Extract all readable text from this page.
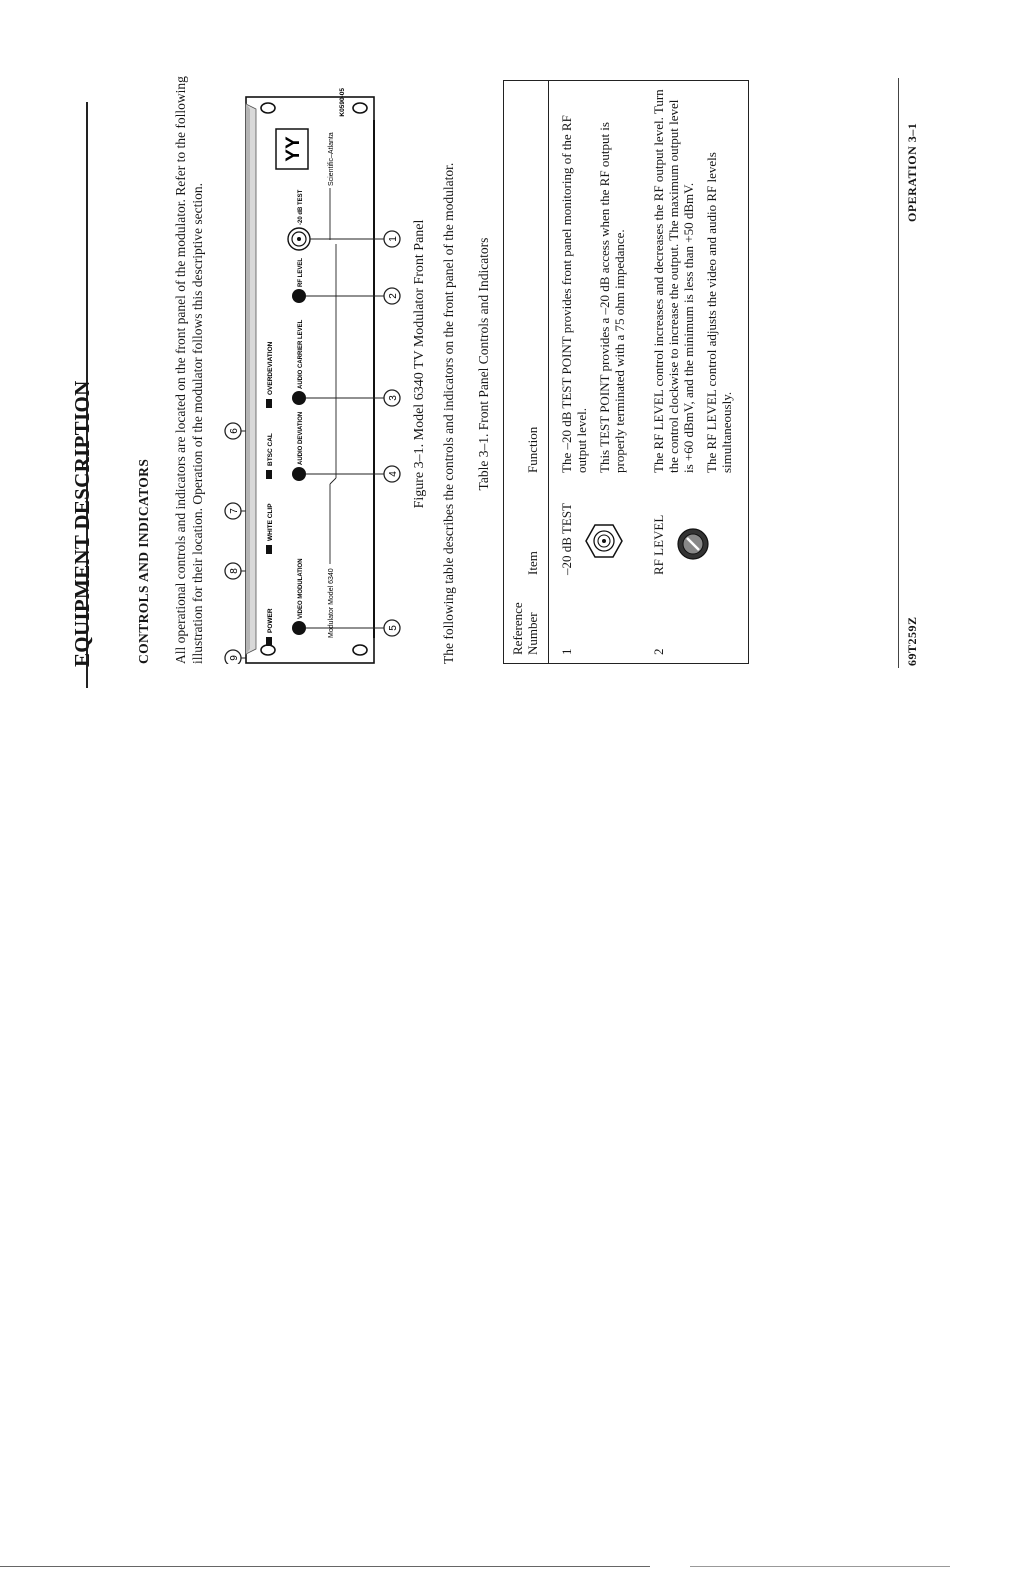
EQUIPMENT DESCRIPTION	CONTROLS AND INDICATORS All operational controls and indicators are located on the front panel of the modulator. Refer to the following illustration for their location. Operation of the modulator follows this descriptive section. 9
8
7
6
POWER
WHITE CLIP
BTSC CAL
OVERDEVIATION
VIDEO MODULATION
AUDIO DEVIATION
AUDIO CARRIER LEVEL
RF LEVEL
-20 dB TEST
YY
Modulator Model 6340
Scientific–Atlanta
K0590-05
5
4
3
2
1 Figure 3–1. Model 6340 TV Modulator Front Panel The following table describes the controls and indicators on the front panel of the modulator. Table 3–1. Front Panel Controls and Indicators
Reference Number	Item	Function
1	–20 dB TEST	The –20 dB TEST POINT provides front panel monitoring of the RF output level. This TEST POINT provides a –20 dB access when the RF output is properly terminated with a 75 ohm impedance.

2	RF LEVEL	The RF LEVEL control increases and decreases the RF output level. Turn the control clockwise to increase the output. The maximum output level is +60 dBmV, and the minimum is less than +50 dBmV. The RF LEVEL control adjusts the video and audio RF levels simultaneously.

69T259Z
OPERATION 3–1
